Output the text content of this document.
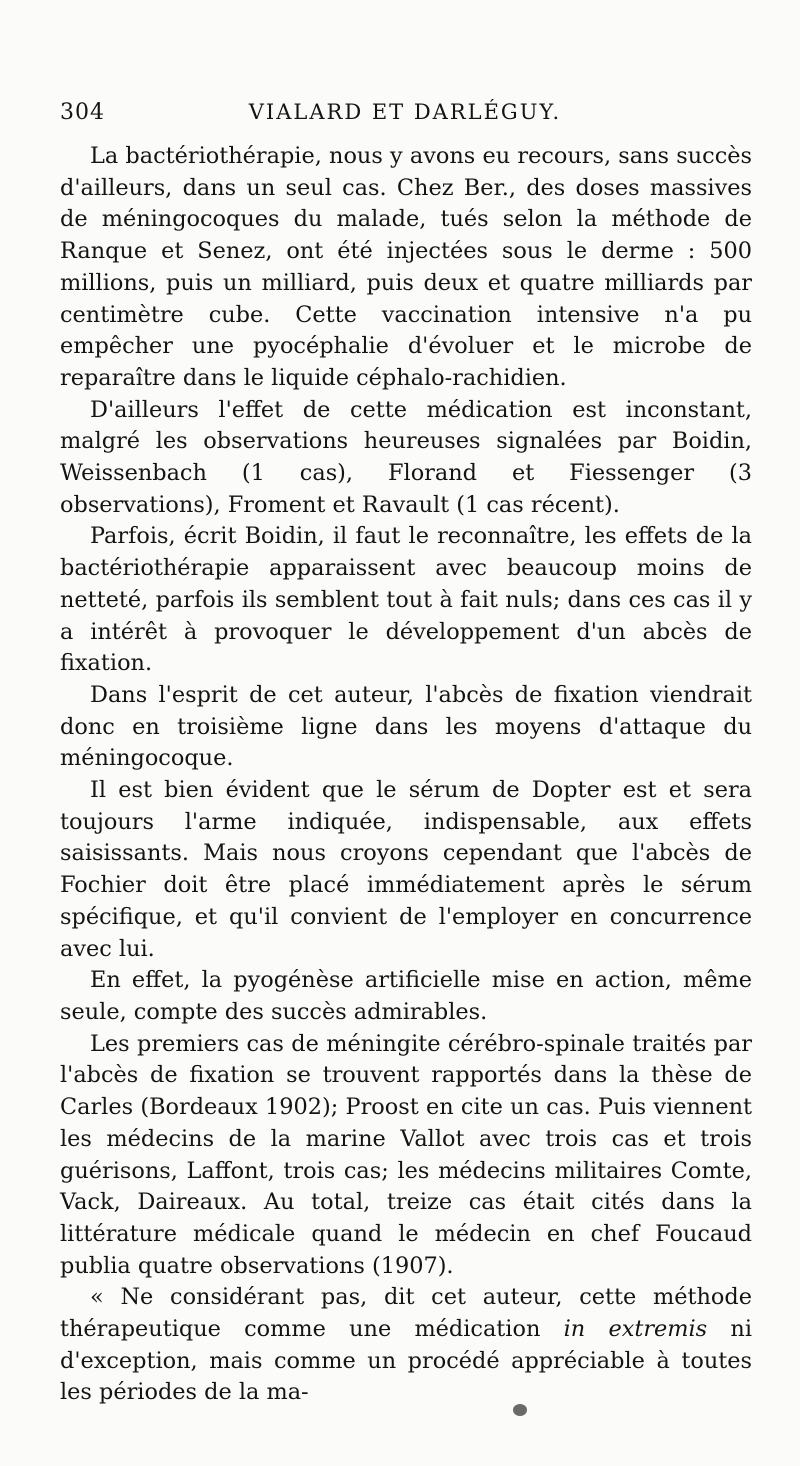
304	VIALARD ET DARLÉGUY.

La bactériothérapie, nous y avons eu recours, sans succès d'ailleurs, dans un seul cas. Chez Ber., des doses massives de méningocoques du malade, tués selon la méthode de Ranque et Senez, ont été injectées sous le derme : 500 millions, puis un milliard, puis deux et quatre milliards par centimètre cube. Cette vaccination intensive n'a pu empêcher une pyocéphalie d'évoluer et le microbe de reparaître dans le liquide céphalo-rachidien.

D'ailleurs l'effet de cette médication est inconstant, malgré les observations heureuses signalées par Boidin, Weissenbach (1 cas), Florand et Fiessenger (3 observations), Froment et Ravault (1 cas récent).

Parfois, écrit Boidin, il faut le reconnaître, les effets de la bactériothérapie apparaissent avec beaucoup moins de netteté, parfois ils semblent tout à fait nuls; dans ces cas il y a intérêt à provoquer le développement d'un abcès de fixation.

Dans l'esprit de cet auteur, l'abcès de fixation viendrait donc en troisième ligne dans les moyens d'attaque du méningocoque.

Il est bien évident que le sérum de Dopter est et sera toujours l'arme indiquée, indispensable, aux effets saisissants. Mais nous croyons cependant que l'abcès de Fochier doit être placé immédiatement après le sérum spécifique, et qu'il convient de l'employer en concurrence avec lui.

En effet, la pyogénèse artificielle mise en action, même seule, compte des succès admirables.

Les premiers cas de méningite cérébro-spinale traités par l'abcès de fixation se trouvent rapportés dans la thèse de Carles (Bordeaux 1902); Proost en cite un cas. Puis viennent les médecins de la marine Vallot avec trois cas et trois guérisons, Laffont, trois cas; les médecins militaires Comte, Vack, Daireaux. Au total, treize cas était cités dans la littérature médicale quand le médecin en chef Foucaud publia quatre observations (1907).

« Ne considérant pas, dit cet auteur, cette méthode thérapeutique comme une médication in extremis ni d'exception, mais comme un procédé appréciable à toutes les périodes de la ma-
